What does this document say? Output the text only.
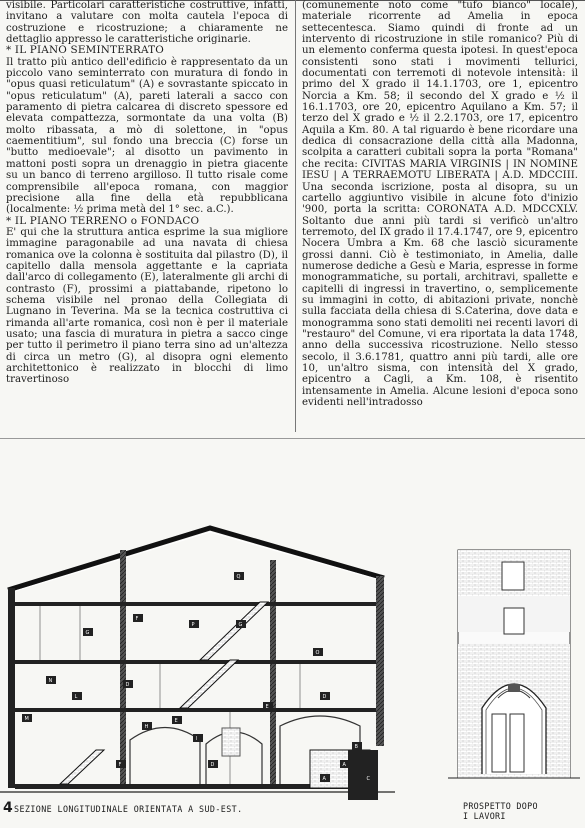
visibile. Particolari caratteristiche costruttive, infatti, invitano a valutare con molta cautela l'epoca di costruzione e ricostruzione; a chiaramente ne dettaglio appresso le caratteristiche originarie.

* IL PIANO SEMINTERRATO

Il tratto più antico dell'edificio è rappresentato da un piccolo vano seminterrato con muratura di fondo in "opus quasi reticulatum" (A) e sovrastante spiccato in "opus reticulatum" (A), pareti laterali a sacco con paramento di pietra calcarea di discreto spessore ed elevata compattezza, sormontate da una volta (B) molto ribassata, a mò di solettone, in "opus caementitium", sul fondo una breccia (C) forse un "butto medioevale"; al disotto un pavimento in mattoni posti sopra un drenaggio in pietra giacente su un banco di terreno argilloso. Il tutto risale come comprensibile all'epoca romana, con maggior precisione alla fine della età repubblicana (localmente: ½ prima metà del 1° sec. a.C.).

* IL PIANO TERRENO o FONDACO

E' qui che la struttura antica esprime la sua migliore immagine paragonabile ad una navata di chiesa romanica ove la colonna è sostituita dal pilastro (D), il capitello dalla mensola aggettante e la capriata dall'arco di collegamento (E), lateralmente gli archi di contrasto (F), prossimi a piattabande, ripetono lo schema visibile nel pronao della Collegiata di Lugnano in Teverina. Ma se la tecnica costruttiva ci rimanda all'arte romanica, così non è per il materiale usato; una fascia di muratura in pietra a sacco cinge per tutto il perimetro il piano terra sino ad un'altezza di circa un metro (G), al disopra ogni elemento architettonico è realizzato in blocchi di limo travertinoso

(comunemente noto come "tufo bianco" locale), materiale ricorrente ad Amelia in epoca settecentesca. Siamo quindi di fronte ad un intervento di ricostruzione in stile romanico? Più di un elemento conferma questa ipotesi. In quest'epoca consistenti sono stati i movimenti tellurici, documentati con terremoti di notevole intensità: il primo del X grado il 14.1.1703, ore 1, epicentro Norcia a Km. 58; il secondo del X grado e ½ il 16.1.1703, ore 20, epicentro Aquilano a Km. 57; il terzo del X grado e ½ il 2.2.1703, ore 17, epicentro Aquila a Km. 80. A tal riguardo è bene ricordare una dedica di consacrazione della città alla Madonna, scolpita a caratteri cubitali sopra la porta "Romana" che recita: CIVITAS MARIA VIRGINIS | IN NOMINE IESU | A TERRAEMOTU LIBERATA | A.D. MDCCIII. Una seconda iscrizione, posta al disopra, su un cartello aggiuntivo visibile in alcune foto d'inizio '900, porta la scritta: CORONATA A.D. MDCCXLV. Soltanto due anni più tardi si verificò un'altro terremoto, del IX grado il 17.4.1747, ore 9, epicentro Nocera Umbra a Km. 68 che lasciò sicuramente grossi danni. Ciò è testimoniato, in Amelia, dalle numerose dediche a Gesù e Maria, espresse in forme monogrammatiche, su portali, architravi, spallette e capitelli di ingressi in travertino, o, semplicemente su immagini in cotto, di abitazioni private, nonchè sulla facciata della chiesa di S.Caterina, dove data e monogramma sono stati demoliti nei recenti lavori di "restauro" del Comune, vi era riportata la data 1748, anno della successiva ricostruzione. Nello stesso secolo, il 3.6.1781, quattro anni più tardi, alle ore 10, un'altro sisma, con intensità del X grado, epicentro a Cagli, a Km. 108, è risentito intensamente in Amelia. Alcune lesioni d'epoca sono evidenti nell'intradosso

Q
G
P	G
F
O
N
D
L	D
M
H
E
I
D	A
B
A	C
E
F
4 SEZIONE LONGITUDINALE ORIENTATA A SUD-EST.	PROSPETTO DOPO
I LAVORI
